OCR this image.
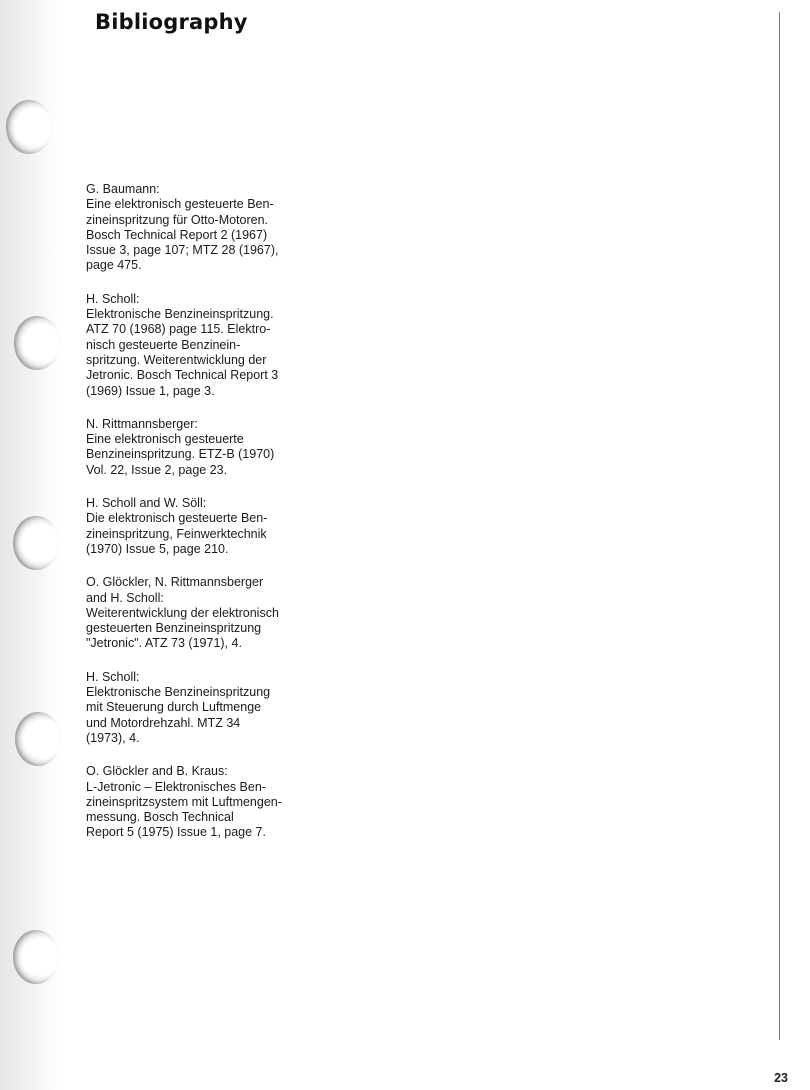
Bibliography
G. Baumann:
Eine elektronisch gesteuerte Ben-
zineinspritzung für Otto-Motoren.
Bosch Technical Report 2 (1967)
Issue 3, page 107; MTZ 28 (1967),
page 475.
H. Scholl:
Elektronische Benzineinspritzung.
ATZ 70 (1968) page 115. Elektro-
nisch gesteuerte Benzinein-
spritzung. Weiterentwicklung der
Jetronic. Bosch Technical Report 3
(1969) Issue 1, page 3.
N. Rittmannsberger:
Eine elektronisch gesteuerte
Benzineinspritzung. ETZ-B (1970)
Vol. 22, Issue 2, page 23.
H. Scholl and W. Söll:
Die elektronisch gesteuerte Ben-
zineinspritzung, Feinwerktechnik
(1970) Issue 5, page 210.
O. Glöckler, N. Rittmannsberger
and H. Scholl:
Weiterentwicklung der elektronisch
gesteuerten Benzineinspritzung
"Jetronic". ATZ 73 (1971), 4.
H. Scholl:
Elektronische Benzineinspritzung
mit Steuerung durch Luftmenge
und Motordrehzahl. MTZ 34
(1973), 4.
O. Glöckler and B. Kraus:
L-Jetronic – Elektronisches Ben-
zineinspritzsystem mit Luftmengen-
messung. Bosch Technical
Report 5 (1975) Issue 1, page 7.
23
